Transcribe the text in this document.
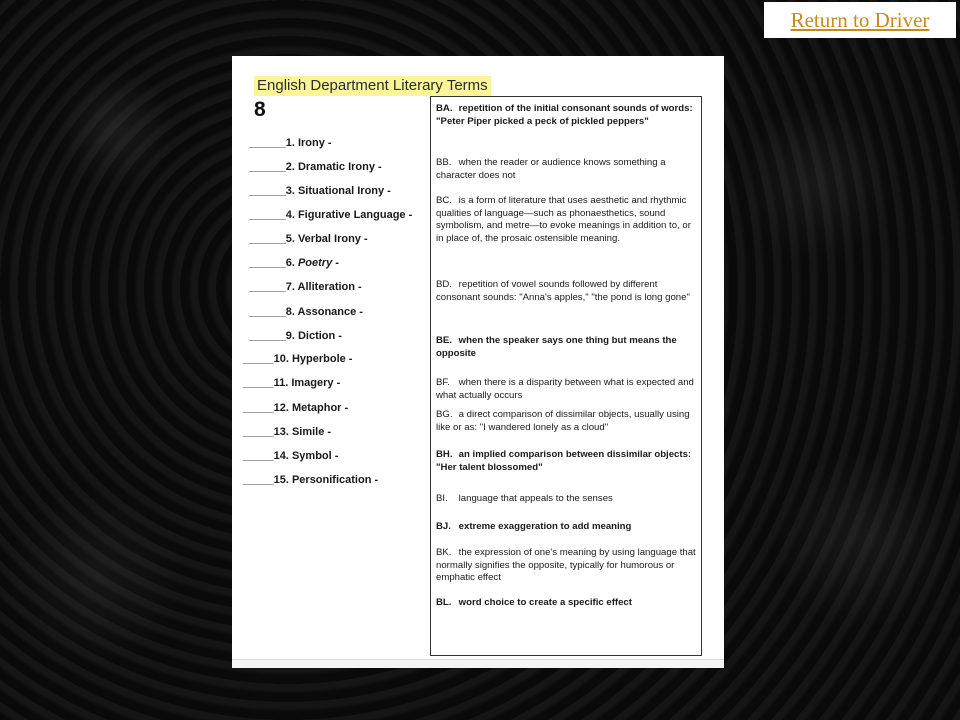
Return to Driver
English Department Literary Terms
8
______1. Irony -
______2. Dramatic Irony -
______3. Situational Irony -
______4. Figurative Language -
______5. Verbal Irony -
______6. Poetry -
______7. Alliteration -
______8. Assonance -
______9. Diction -
_____10. Hyperbole -
_____11. Imagery -
_____12. Metaphor -
_____13. Simile -
_____14. Symbol -
_____15. Personification -
BA. repetition of the initial consonant sounds of words: "Peter Piper picked a peck of pickled peppers"
BB. when the reader or audience knows something a character does not
BC. is a form of literature that uses aesthetic and rhythmic qualities of language—such as phonaesthetics, sound symbolism, and metre—to evoke meanings in addition to, or in place of, the prosaic ostensible meaning.
BD. repetition of vowel sounds followed by different consonant sounds: "Anna's apples," "the pond is long gone"
BE. when the speaker says one thing but means the opposite
BF. when there is a disparity between what is expected and what actually occurs
BG. a direct comparison of dissimilar objects, usually using like or as: "I wandered lonely as a cloud"
BH. an implied comparison between dissimilar objects: "Her talent blossomed"
BI. language that appeals to the senses
BJ. extreme exaggeration to add meaning
BK. the expression of one's meaning by using language that normally signifies the opposite, typically for humorous or emphatic effect
BL. word choice to create a specific effect
